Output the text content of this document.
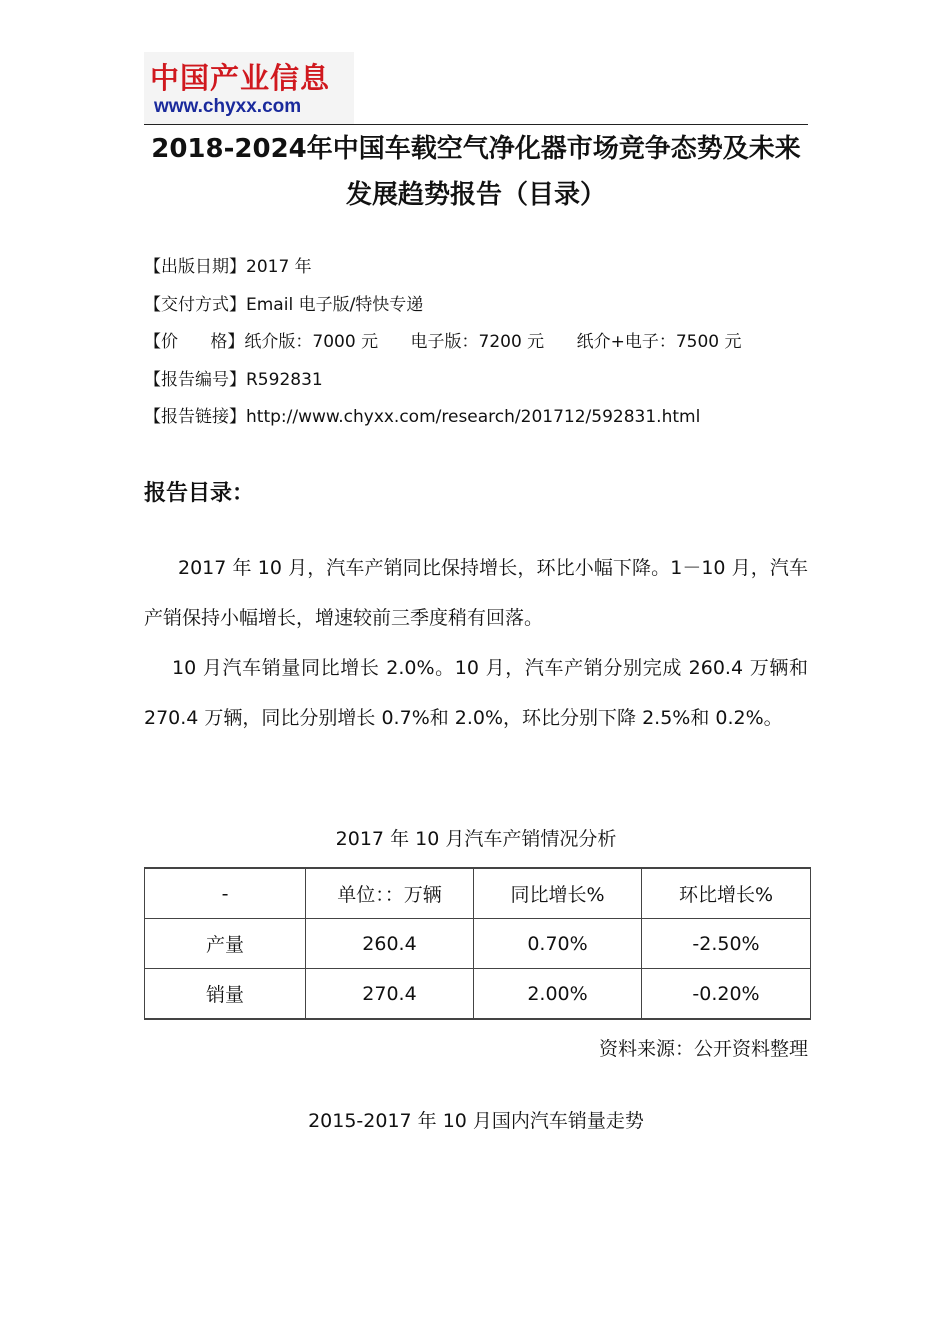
中国产业信息
www.chyxx.com
2018-2024年中国车载空气净化器市场竞争态势及未来发展趋势报告（目录）
【出版日期】2017 年
【交付方式】Email 电子版/特快专递
【价      格】纸介版：7000 元      电子版：7200 元      纸介+电子：7500 元
【报告编号】R592831
【报告链接】http://www.chyxx.com/research/201712/592831.html
报告目录：
2017 年 10 月，汽车产销同比保持增长，环比小幅下降。1－10 月，汽车产销保持小幅增长，增速较前三季度稍有回落。
10 月汽车销量同比增长 2.0%。10 月，汽车产销分别完成 260.4 万辆和 270.4 万辆，同比分别增长 0.7%和 2.0%，环比分别下降 2.5%和 0.2%。
2017 年 10 月汽车产销情况分析
-	单位：：万辆	同比增长%	环比增长%
产量	260.4	0.70%	-2.50%
销量	270.4	2.00%	-0.20%
资料来源：公开资料整理
2015-2017 年 10 月国内汽车销量走势
